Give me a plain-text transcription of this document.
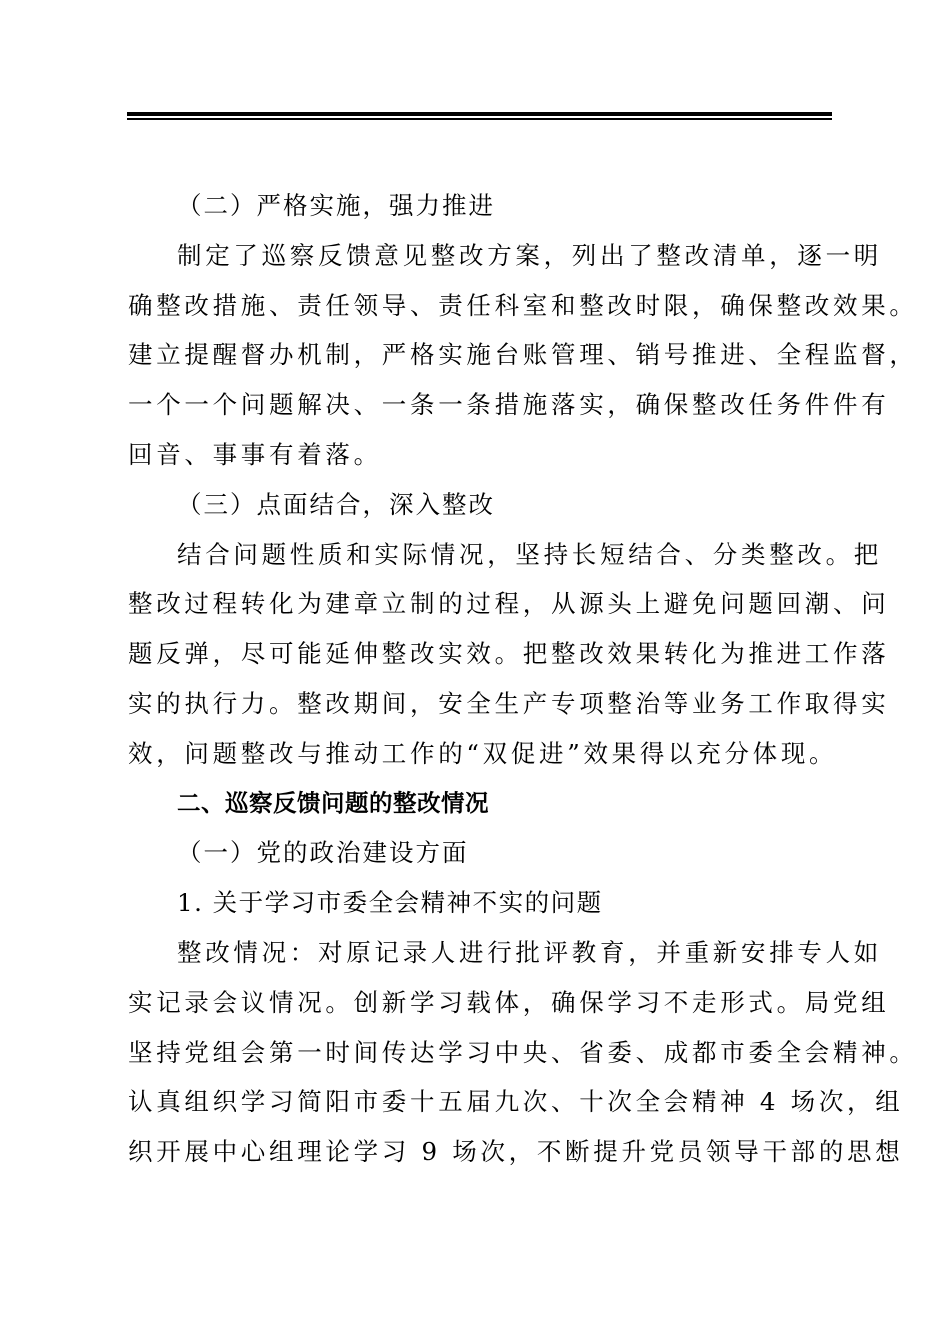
（二）严格实施，强力推进
制定了巡察反馈意见整改方案，列出了整改清单，逐一明
确整改措施、责任领导、责任科室和整改时限，确保整改效果。
建立提醒督办机制，严格实施台账管理、销号推进、全程监督，
一个一个问题解决、一条一条措施落实，确保整改任务件件有
回音、事事有着落。
（三）点面结合，深入整改
结合问题性质和实际情况，坚持长短结合、分类整改。把
整改过程转化为建章立制的过程，从源头上避免问题回潮、问
题反弹，尽可能延伸整改实效。把整改效果转化为推进工作落
实的执行力。整改期间，安全生产专项整治等业务工作取得实
效，问题整改与推动工作的“双促进”效果得以充分体现。
二、巡察反馈问题的整改情况
（一）党的政治建设方面
1. 关于学习市委全会精神不实的问题
整改情况：对原记录人进行批评教育，并重新安排专人如
实记录会议情况。创新学习载体，确保学习不走形式。局党组
坚持党组会第一时间传达学习中央、省委、成都市委全会精神。
认真组织学习简阳市委十五届九次、十次全会精神 4 场次，组
织开展中心组理论学习 9 场次，不断提升党员领导干部的思想
